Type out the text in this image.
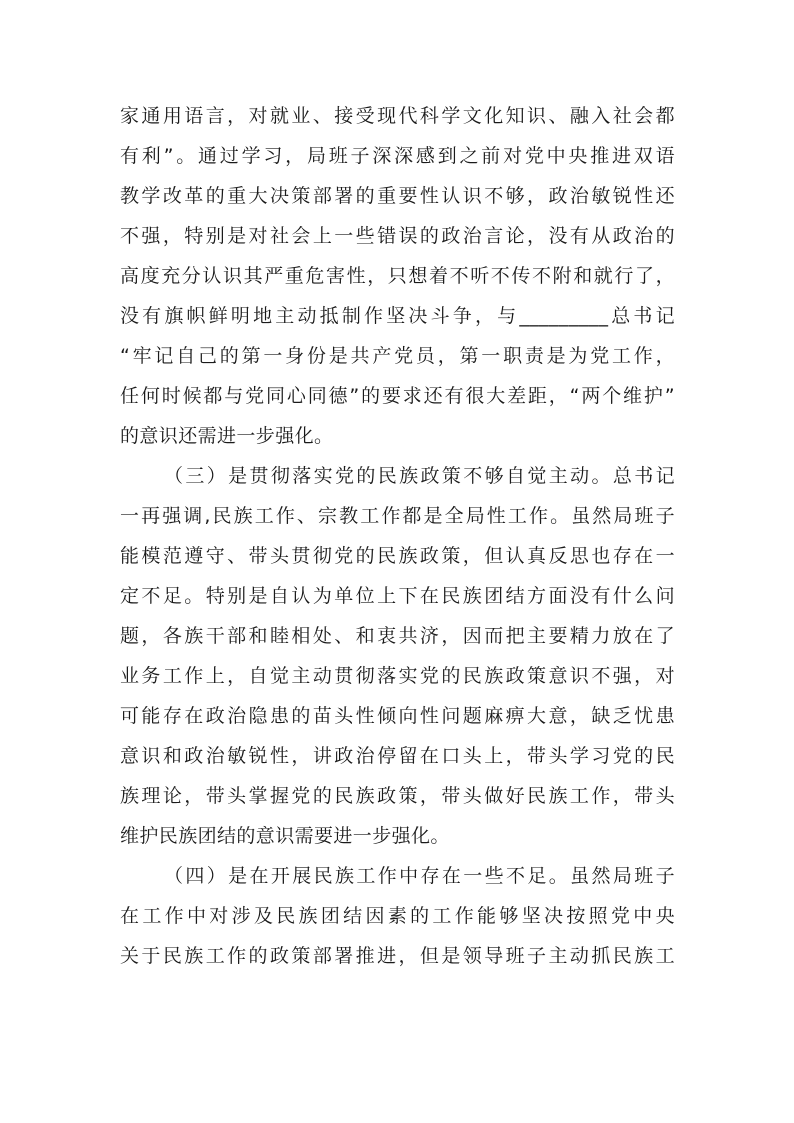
家通用语言，对就业、接受现代科学文化知识、融入社会都
有利”。通过学习，局班子深深感到之前对党中央推进双语
教学改革的重大决策部署的重要性认识不够，政治敏锐性还
不强，特别是对社会上一些错误的政治言论，没有从政治的
高度充分认识其严重危害性，只想着不听不传不附和就行了，
没有旗帜鲜明地主动抵制作坚决斗争，与_________总书记
“牢记自己的第一身份是共产党员，第一职责是为党工作，
任何时候都与党同心同德”的要求还有很大差距，“两个维护”
的意识还需进一步强化。
（三）是贯彻落实党的民族政策不够自觉主动。总书记
一再强调,民族工作、宗教工作都是全局性工作。虽然局班子
能模范遵守、带头贯彻党的民族政策，但认真反思也存在一
定不足。特别是自认为单位上下在民族团结方面没有什么问
题，各族干部和睦相处、和衷共济，因而把主要精力放在了
业务工作上，自觉主动贯彻落实党的民族政策意识不强，对
可能存在政治隐患的苗头性倾向性问题麻痹大意，缺乏忧患
意识和政治敏锐性，讲政治停留在口头上，带头学习党的民
族理论，带头掌握党的民族政策，带头做好民族工作，带头
维护民族团结的意识需要进一步强化。
（四）是在开展民族工作中存在一些不足。虽然局班子
在工作中对涉及民族团结因素的工作能够坚决按照党中央
关于民族工作的政策部署推进，但是领导班子主动抓民族工
